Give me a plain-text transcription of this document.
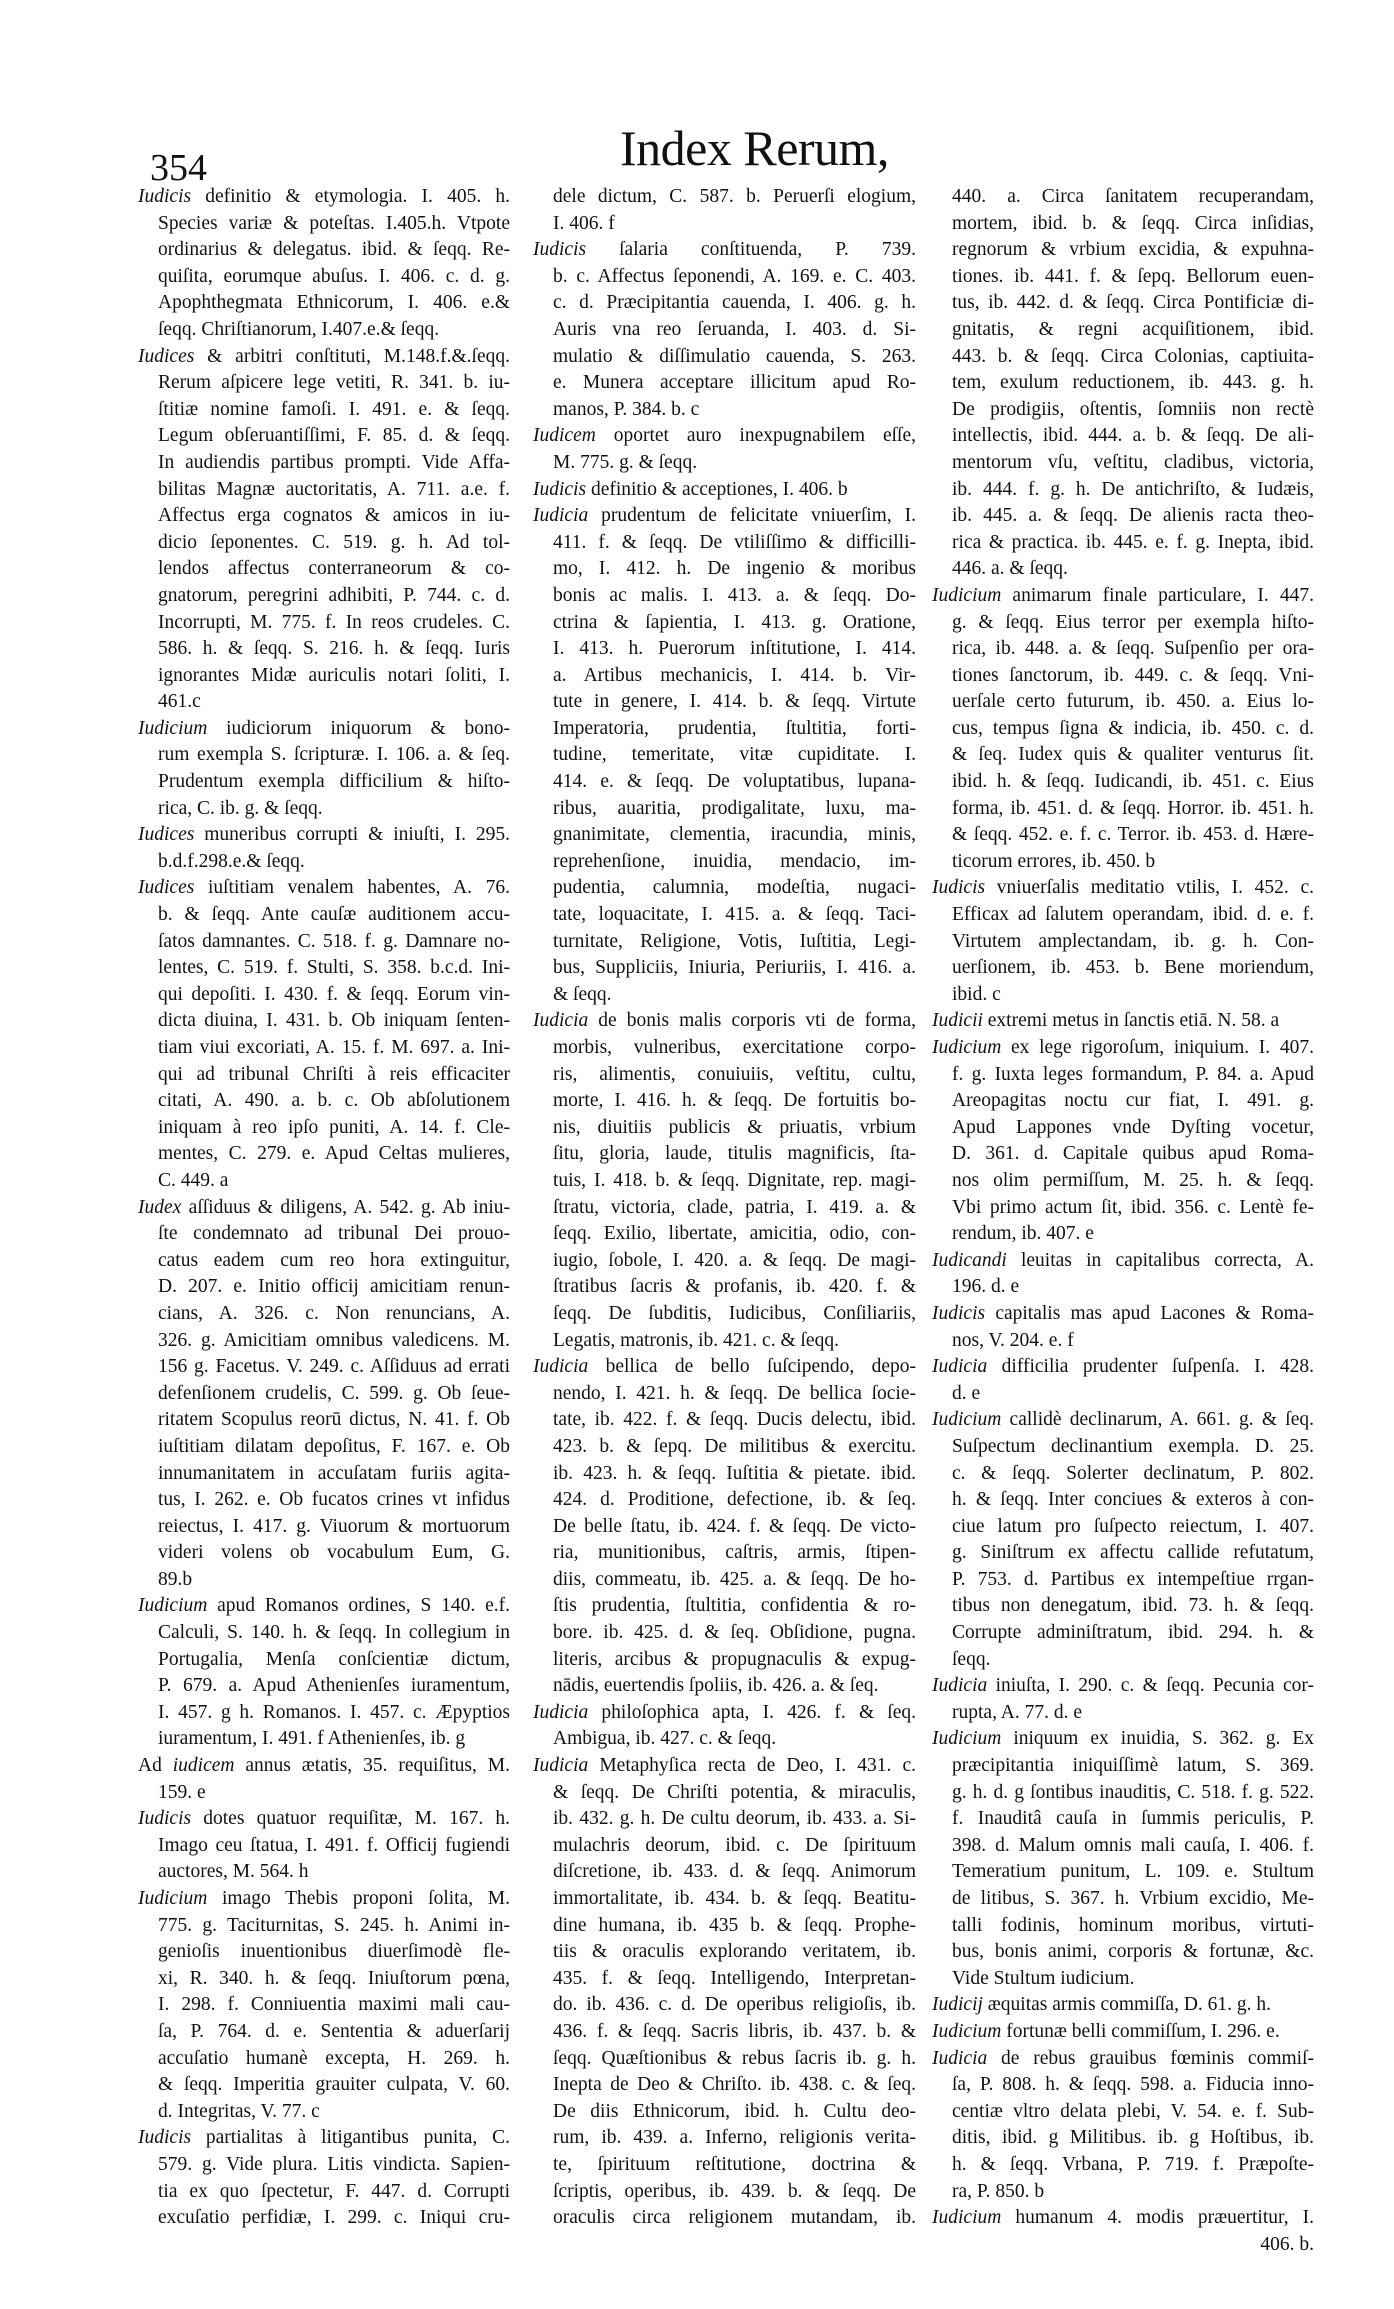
354	Index Rerum,
Iudicis definitio & etymologia. I. 405. h.
Species variæ & poteſtas. I.405.h. Vtpote
ordinarius & delegatus. ibid. & ſeqq. Re-
quiſita, eorumque abuſus. I. 406. c. d. g.
Apophthegmata Ethnicorum, I. 406. e.&
ſeqq. Chriſtianorum, I.407.e.& ſeqq.
Iudices & arbitri conſtituti, M.148.f.&.ſeqq.
Rerum aſpicere lege vetiti, R. 341. b. iu-
ſtitiæ nomine famoſi. I. 491. e. & ſeqq.
Legum obſeruantiſſimi, F. 85. d. & ſeqq.
In audiendis partibus prompti. Vide Affa-
bilitas Magnæ auctoritatis, A. 711. a.e. f.
Affectus erga cognatos & amicos in iu-
dicio ſeponentes. C. 519. g. h. Ad tol-
lendos affectus conterraneorum & co-
gnatorum, peregrini adhibiti, P. 744. c. d.
Incorrupti, M. 775. f. In reos crudeles. C.
586. h. & ſeqq. S. 216. h. & ſeqq. Iuris
ignorantes Midæ auriculis notari ſoliti, I.
461.c
Iudicium iudiciorum iniquorum & bono-
rum exempla S. ſcripturæ. I. 106. a. & ſeq.
Prudentum exempla difficilium & hiſto-
rica, C. ib. g. & ſeqq.
Iudices muneribus corrupti & iniuſti, I. 295.
b.d.f.298.e.& ſeqq.
Iudices iuſtitiam venalem habentes, A. 76.
b. & ſeqq. Ante cauſæ auditionem accu-
ſatos damnantes. C. 518. f. g. Damnare no-
lentes, C. 519. f. Stulti, S. 358. b.c.d. Ini-
qui depoſiti. I. 430. f. & ſeqq. Eorum vin-
dicta diuina, I. 431. b. Ob iniquam ſenten-
tiam viui excoriati, A. 15. f. M. 697. a. Ini-
qui ad tribunal Chriſti à reis efficaciter
citati, A. 490. a. b. c. Ob abſolutionem
iniquam à reo ipſo puniti, A. 14. f. Cle-
mentes, C. 279. e. Apud Celtas mulieres,
C. 449. a
Iudex aſſiduus & diligens, A. 542. g. Ab iniu-
ſte condemnato ad tribunal Dei prouo-
catus eadem cum reo hora extinguitur,
D. 207. e. Initio officij amicitiam renun-
cians, A. 326. c. Non renuncians, A.
326. g. Amicitiam omnibus valedicens. M.
156 g. Facetus. V. 249. c. Aſſiduus ad errati
defenſionem crudelis, C. 599. g. Ob ſeue-
ritatem Scopulus reorū dictus, N. 41. f. Ob
iuſtitiam dilatam depoſitus, F. 167. e. Ob
innumanitatem in accuſatam furiis agita-
tus, I. 262. e. Ob fucatos crines vt infidus
reiectus, I. 417. g. Viuorum & mortuorum
videri volens ob vocabulum Eum, G.
89.b
Iudicium apud Romanos ordines, S 140. e.f.
Calculi, S. 140. h. & ſeqq. In collegium in
Portugalia, Menſa conſcientiæ dictum,
P. 679. a. Apud Athenienſes iuramentum,
I. 457. g h. Romanos. I. 457. c. Æpyptios
iuramentum, I. 491. f Athenienſes, ib. g
Ad iudicem annus ætatis, 35. requiſitus, M.
159. e
Iudicis dotes quatuor requiſitæ, M. 167. h.
Imago ceu ſtatua, I. 491. f. Officij fugiendi
auctores, M. 564. h
Iudicium imago Thebis proponi ſolita, M.
775. g. Taciturnitas, S. 245. h. Animi in-
genioſis inuentionibus diuerſimodè fle-
xi, R. 340. h. & ſeqq. Iniuſtorum pœna,
I. 298. f. Conniuentia maximi mali cau-
ſa, P. 764. d. e. Sententia & aduerſarij
accuſatio humanè excepta, H. 269. h.
& ſeqq. Imperitia grauiter culpata, V. 60.
d. Integritas, V. 77. c
Iudicis partialitas à litigantibus punita, C.
579. g. Vide plura. Litis vindicta. Sapien-
tia ex quo ſpectetur, F. 447. d. Corrupti
excuſatio perfidiæ, I. 299. c. Iniqui cru-
dele dictum, C. 587. b. Peruerſi elogium,
I. 406. f
Iudicis ſalaria conſtituenda, P. 739.
b. c. Affectus ſeponendi, A. 169. e. C. 403.
c. d. Præcipitantia cauenda, I. 406. g. h.
Auris vna reo ſeruanda, I. 403. d. Si-
mulatio & diſſimulatio cauenda, S. 263.
e. Munera acceptare illicitum apud Ro-
manos, P. 384. b. c
Iudicem oportet auro inexpugnabilem eſſe,
M. 775. g. & ſeqq.
Iudicis definitio & acceptiones, I. 406. b
Iudicia prudentum de felicitate vniuerſim, I.
411. f. & ſeqq. De vtiliſſimo & difficilli-
mo, I. 412. h. De ingenio & moribus
bonis ac malis. I. 413. a. & ſeqq. Do-
ctrina & ſapientia, I. 413. g. Oratione,
I. 413. h. Puerorum inſtitutione, I. 414.
a. Artibus mechanicis, I. 414. b. Vir-
tute in genere, I. 414. b. & ſeqq. Virtute
Imperatoria, prudentia, ſtultitia, forti-
tudine, temeritate, vitæ cupiditate. I.
414. e. & ſeqq. De voluptatibus, lupana-
ribus, auaritia, prodigalitate, luxu, ma-
gnanimitate, clementia, iracundia, minis,
reprehenſione, inuidia, mendacio, im-
pudentia, calumnia, modeſtia, nugaci-
tate, loquacitate, I. 415. a. & ſeqq. Taci-
turnitate, Religione, Votis, Iuſtitia, Legi-
bus, Suppliciis, Iniuria, Periuriis, I. 416. a.
& ſeqq.
Iudicia de bonis malis corporis vti de forma,
morbis, vulneribus, exercitatione corpo-
ris, alimentis, conuiuiis, veſtitu, cultu,
morte, I. 416. h. & ſeqq. De fortuitis bo-
nis, diuitiis publicis & priuatis, vrbium
ſitu, gloria, laude, titulis magnificis, ſta-
tuis, I. 418. b. & ſeqq. Dignitate, rep. magi-
ſtratu, victoria, clade, patria, I. 419. a. &
ſeqq. Exilio, libertate, amicitia, odio, con-
iugio, ſobole, I. 420. a. & ſeqq. De magi-
ſtratibus ſacris & profanis, ib. 420. f. &
ſeqq. De ſubditis, Iudicibus, Conſiliariis,
Legatis, matronis, ib. 421. c. & ſeqq.
Iudicia bellica de bello ſuſcipendo, depo-
nendo, I. 421. h. & ſeqq. De bellica ſocie-
tate, ib. 422. f. & ſeqq. Ducis delectu, ibid.
423. b. & ſepq. De militibus & exercitu.
ib. 423. h. & ſeqq. Iuſtitia & pietate. ibid.
424. d. Proditione, defectione, ib. & ſeq.
De belle ſtatu, ib. 424. f. & ſeqq. De victo-
ria, munitionibus, caſtris, armis, ſtipen-
diis, commeatu, ib. 425. a. & ſeqq. De ho-
ſtis prudentia, ſtultitia, confidentia & ro-
bore. ib. 425. d. & ſeq. Obſidione, pugna.
literis, arcibus & propugnaculis & expug-
nādis, euertendis ſpoliis, ib. 426. a. & ſeq.
Iudicia philoſophica apta, I. 426. f. & ſeq.
Ambigua, ib. 427. c. & ſeqq.
Iudicia Metaphyſica recta de Deo, I. 431. c.
& ſeqq. De Chriſti potentia, & miraculis,
ib. 432. g. h. De cultu deorum, ib. 433. a. Si-
mulachris deorum, ibid. c. De ſpirituum
diſcretione, ib. 433. d. & ſeqq. Animorum
immortalitate, ib. 434. b. & ſeqq. Beatitu-
dine humana, ib. 435 b. & ſeqq. Prophe-
tiis & oraculis explorando veritatem, ib.
435. f. & ſeqq. Intelligendo, Interpretan-
do. ib. 436. c. d. De operibus religioſis, ib.
436. f. & ſeqq. Sacris libris, ib. 437. b. &
ſeqq. Quæſtionibus & rebus ſacris ib. g. h.
Inepta de Deo & Chriſto. ib. 438. c. & ſeq.
De diis Ethnicorum, ibid. h. Cultu deo-
rum, ib. 439. a. Inferno, religionis verita-
te, ſpirituum reſtitutione, doctrina &
ſcriptis, operibus, ib. 439. b. & ſeqq. De
oraculis circa religionem mutandam, ib.
440. a. Circa ſanitatem recuperandam,
mortem, ibid. b. & ſeqq. Circa inſidias,
regnorum & vrbium excidia, & expuhna-
tiones. ib. 441. f. & ſepq. Bellorum euen-
tus, ib. 442. d. & ſeqq. Circa Pontificiæ di-
gnitatis, & regni acquiſitionem, ibid.
443. b. & ſeqq. Circa Colonias, captiuita-
tem, exulum reductionem, ib. 443. g. h.
De prodigiis, oſtentis, ſomniis non rectè
intellectis, ibid. 444. a. b. & ſeqq. De ali-
mentorum vſu, veſtitu, cladibus, victoria,
ib. 444. f. g. h. De antichriſto, & Iudæis,
ib. 445. a. & ſeqq. De alienis racta theo-
rica & practica. ib. 445. e. f. g. Inepta, ibid.
446. a. & ſeqq.
Iudicium animarum finale particulare, I. 447.
g. & ſeqq. Eius terror per exempla hiſto-
rica, ib. 448. a. & ſeqq. Suſpenſio per ora-
tiones ſanctorum, ib. 449. c. & ſeqq. Vni-
uerſale certo futurum, ib. 450. a. Eius lo-
cus, tempus ſigna & indicia, ib. 450. c. d.
& ſeq. Iudex quis & qualiter venturus ſit.
ibid. h. & ſeqq. Iudicandi, ib. 451. c. Eius
forma, ib. 451. d. & ſeqq. Horror. ib. 451. h.
& ſeqq. 452. e. f. c. Terror. ib. 453. d. Hære-
ticorum errores, ib. 450. b
Iudicis vniuerſalis meditatio vtilis, I. 452. c.
Efficax ad ſalutem operandam, ibid. d. e. f.
Virtutem amplectandam, ib. g. h. Con-
uerſionem, ib. 453. b. Bene moriendum,
ibid. c
Iudicii extremi metus in ſanctis etiā. N. 58. a
Iudicium ex lege rigoroſum, iniquium. I. 407.
f. g. Iuxta leges formandum, P. 84. a. Apud
Areopagitas noctu cur fiat, I. 491. g.
Apud Lappones vnde Dyſting vocetur,
D. 361. d. Capitale quibus apud Roma-
nos olim permiſſum, M. 25. h. & ſeqq.
Vbi primo actum ſit, ibid. 356. c. Lentè fe-
rendum, ib. 407. e
Iudicandi leuitas in capitalibus correcta, A.
196. d. e
Iudicis capitalis mas apud Lacones & Roma-
nos, V. 204. e. f
Iudicia difficilia prudenter ſuſpenſa. I. 428.
d. e
Iudicium callidè declinarum, A. 661. g. & ſeq.
Suſpectum declinantium exempla. D. 25.
c. & ſeqq. Solerter declinatum, P. 802.
h. & ſeqq. Inter conciues & exteros à con-
ciue latum pro ſuſpecto reiectum, I. 407.
g. Siniſtrum ex affectu callide refutatum,
P. 753. d. Partibus ex intempeſtiue rrgan-
tibus non denegatum, ibid. 73. h. & ſeqq.
Corrupte adminiſtratum, ibid. 294. h. &
ſeqq.
Iudicia iniuſta, I. 290. c. & ſeqq. Pecunia cor-
rupta, A. 77. d. e
Iudicium iniquum ex inuidia, S. 362. g. Ex
præcipitantia iniquiſſimè latum, S. 369.
g. h. d. g ſontibus inauditis, C. 518. f. g. 522.
f. Inauditâ cauſa in ſummis periculis, P.
398. d. Malum omnis mali cauſa, I. 406. f.
Temeratium punitum, L. 109. e. Stultum
de litibus, S. 367. h. Vrbium excidio, Me-
talli fodinis, hominum moribus, virtuti-
bus, bonis animi, corporis & fortunæ, &c.
Vide Stultum iudicium.
Iudicij æquitas armis commiſſa, D. 61. g. h.
Iudicium fortunæ belli commiſſum, I. 296. e.
Iudicia de rebus grauibus fœminis commiſ-
ſa, P. 808. h. & ſeqq. 598. a. Fiducia inno-
centiæ vltro delata plebi, V. 54. e. f. Sub-
ditis, ibid. g Militibus. ib. g Hoſtibus, ib.
h. & ſeqq. Vrbana, P. 719. f. Præpoſte-
ra, P. 850. b
Iudicium humanum 4. modis præuertitur, I.
406. b.
